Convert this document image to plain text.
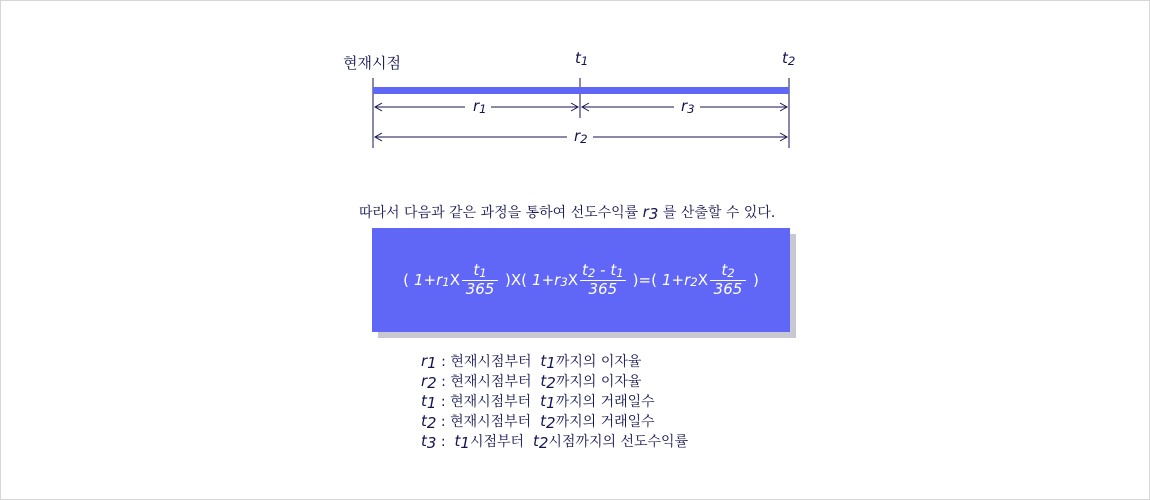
현재시점	$t_1$	$t_2$
$r_1$	$r_3$
$r_2$
따라서 다음과 같은 과정을 통하여 선도수익률 $r_3$ 를 산출할 수 있다.
( $1 + r_1$ X $\frac{t_1}{365}$ ) X ( $1 + r_3$ X $\frac{t_2 - t_1}{365}$ ) = ( $1 + r_2$ X $\frac{t_2}{365}$ )
$r_1$ : 현재시점부터 $t_1$까지의 이자율
$r_2$ : 현재시점부터 $t_2$까지의 이자율
$t_1$ : 현재시점부터 $t_1$까지의 거래일수
$t_2$ : 현재시점부터 $t_2$까지의 거래일수
$t_3$ : $t_1$시점부터 $t_2$시점까지의 선도수익률
